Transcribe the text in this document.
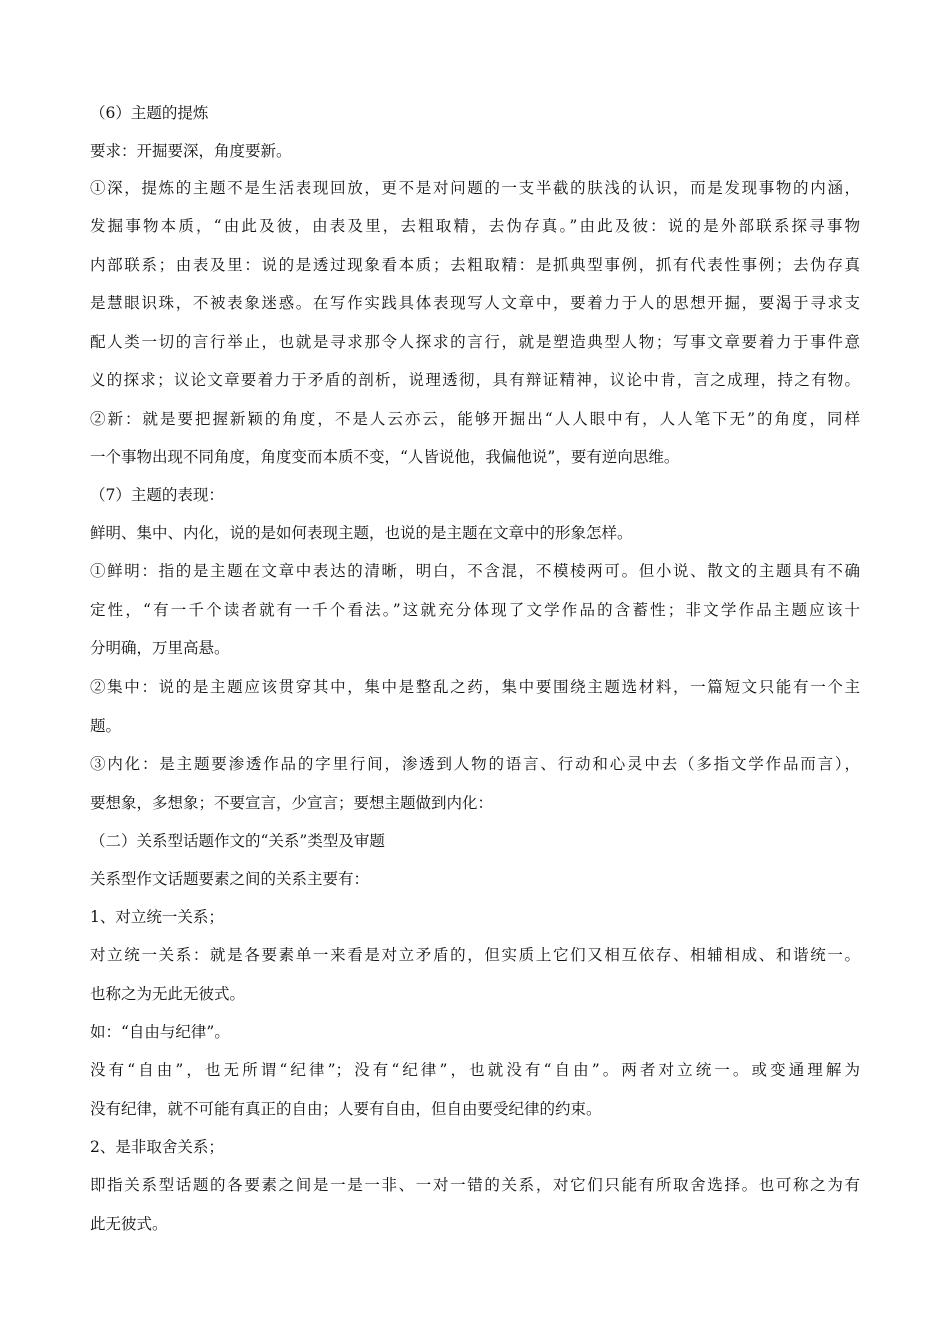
（6）主题的提炼
要求：开掘要深，角度要新。
①深，提炼的主题不是生活表现回放，更不是对问题的一支半截的肤浅的认识，而是发现事物的内涵，
发掘事物本质，“由此及彼，由表及里，去粗取精，去伪存真。”由此及彼：说的是外部联系探寻事物
内部联系；由表及里：说的是透过现象看本质；去粗取精：是抓典型事例，抓有代表性事例；去伪存真
是慧眼识珠，不被表象迷惑。在写作实践具体表现写人文章中，要着力于人的思想开掘，要渴于寻求支
配人类一切的言行举止，也就是寻求那令人探求的言行，就是塑造典型人物；写事文章要着力于事件意
义的探求；议论文章要着力于矛盾的剖析，说理透彻，具有辩证精神，议论中肯，言之成理，持之有物。
②新：就是要把握新颖的角度，不是人云亦云，能够开掘出“人人眼中有，人人笔下无”的角度，同样
一个事物出现不同角度，角度变而本质不变，“人皆说他，我偏他说”，要有逆向思维。
（7）主题的表现：
鲜明、集中、内化，说的是如何表现主题，也说的是主题在文章中的形象怎样。
①鲜明：指的是主题在文章中表达的清晰，明白，不含混，不模棱两可。但小说、散文的主题具有不确
定性，“有一千个读者就有一千个看法。”这就充分体现了文学作品的含蓄性；非文学作品主题应该十
分明确，万里高悬。
②集中：说的是主题应该贯穿其中，集中是整乱之药，集中要围绕主题选材料，一篇短文只能有一个主
题。
③内化：是主题要渗透作品的字里行间，渗透到人物的语言、行动和心灵中去（多指文学作品而言），
要想象，多想象；不要宣言，少宣言；要想主题做到内化：
（二）关系型话题作文的“关系”类型及审题
关系型作文话题要素之间的关系主要有：
1、对立统一关系；
对立统一关系：就是各要素单一来看是对立矛盾的，但实质上它们又相互依存、相辅相成、和谐统一。
也称之为无此无彼式。
如：“自由与纪律”。
没有“自由”，也无所谓“纪律”；没有“纪律”，也就没有“自由”。两者对立统一。或变通理解为
没有纪律，就不可能有真正的自由；人要有自由，但自由要受纪律的约束。
2、是非取舍关系；
即指关系型话题的各要素之间是一是一非、一对一错的关系，对它们只能有所取舍选择。也可称之为有
此无彼式。
